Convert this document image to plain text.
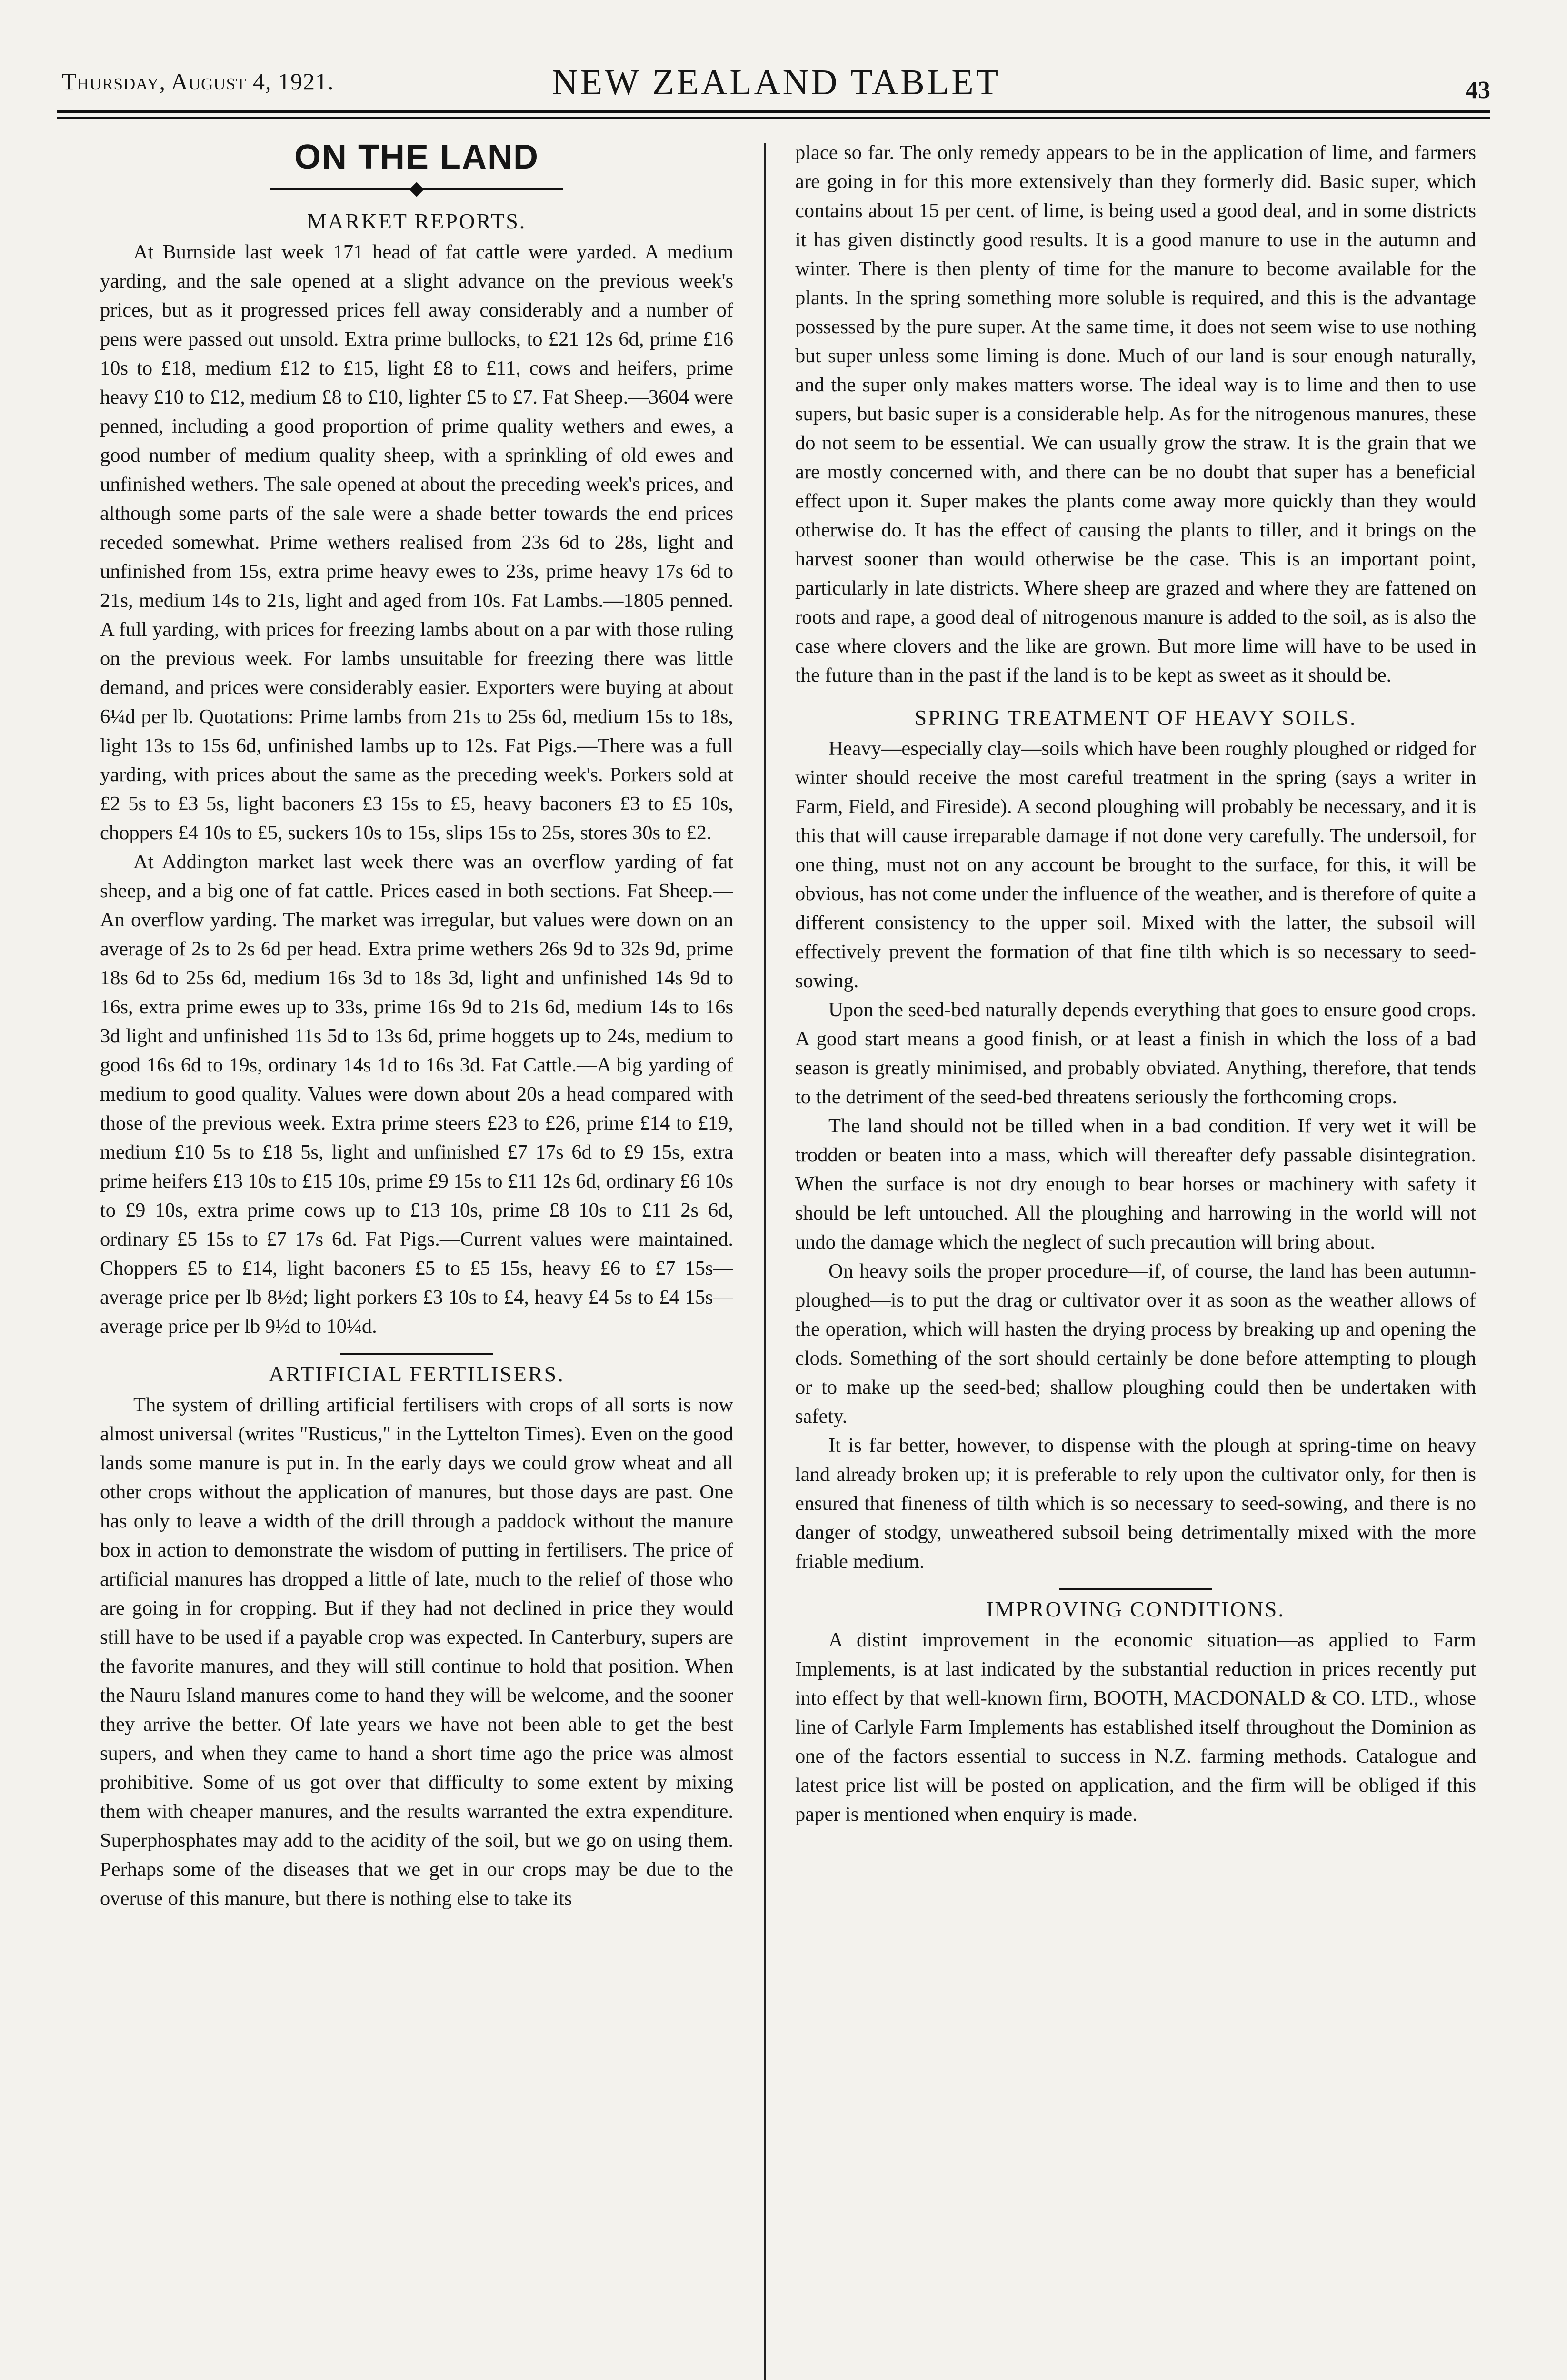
Thursday, August 4, 1921.	NEW ZEALAND TABLET	43
ON THE LAND
MARKET REPORTS.

At Burnside last week 171 head of fat cattle were yarded. A medium yarding, and the sale opened at a slight advance on the previous week's prices, but as it progressed prices fell away considerably and a number of pens were passed out unsold. Extra prime bullocks, to £21 12s 6d, prime £16 10s to £18, medium £12 to £15, light £8 to £11, cows and heifers, prime heavy £10 to £12, medium £8 to £10, lighter £5 to £7. Fat Sheep.—3604 were penned, including a good proportion of prime quality wethers and ewes, a good number of medium quality sheep, with a sprinkling of old ewes and unfinished wethers. The sale opened at about the preceding week's prices, and although some parts of the sale were a shade better towards the end prices receded somewhat. Prime wethers realised from 23s 6d to 28s, light and unfinished from 15s, extra prime heavy ewes to 23s, prime heavy 17s 6d to 21s, medium 14s to 21s, light and aged from 10s. Fat Lambs.—1805 penned. A full yarding, with prices for freezing lambs about on a par with those ruling on the previous week. For lambs unsuitable for freezing there was little demand, and prices were considerably easier. Exporters were buying at about 6¼d per lb. Quotations: Prime lambs from 21s to 25s 6d, medium 15s to 18s, light 13s to 15s 6d, unfinished lambs up to 12s. Fat Pigs.—There was a full yarding, with prices about the same as the preceding week's. Porkers sold at £2 5s to £3 5s, light baconers £3 15s to £5, heavy baconers £3 to £5 10s, choppers £4 10s to £5, suckers 10s to 15s, slips 15s to 25s, stores 30s to £2.

At Addington market last week there was an overflow yarding of fat sheep, and a big one of fat cattle. Prices eased in both sections. Fat Sheep.—An overflow yarding. The market was irregular, but values were down on an average of 2s to 2s 6d per head. Extra prime wethers 26s 9d to 32s 9d, prime 18s 6d to 25s 6d, medium 16s 3d to 18s 3d, light and unfinished 14s 9d to 16s, extra prime ewes up to 33s, prime 16s 9d to 21s 6d, medium 14s to 16s 3d light and unfinished 11s 5d to 13s 6d, prime hoggets up to 24s, medium to good 16s 6d to 19s, ordinary 14s 1d to 16s 3d. Fat Cattle.—A big yarding of medium to good quality. Values were down about 20s a head compared with those of the previous week. Extra prime steers £23 to £26, prime £14 to £19, medium £10 5s to £18 5s, light and unfinished £7 17s 6d to £9 15s, extra prime heifers £13 10s to £15 10s, prime £9 15s to £11 12s 6d, ordinary £6 10s to £9 10s, extra prime cows up to £13 10s, prime £8 10s to £11 2s 6d, ordinary £5 15s to £7 17s 6d. Fat Pigs.—Current values were maintained. Choppers £5 to £14, light baconers £5 to £5 15s, heavy £6 to £7 15s—average price per lb 8½d; light porkers £3 10s to £4, heavy £4 5s to £4 15s—average price per lb 9½d to 10¼d.

ARTIFICIAL FERTILISERS.

The system of drilling artificial fertilisers with crops of all sorts is now almost universal (writes "Rusticus," in the Lyttelton Times). Even on the good lands some manure is put in. In the early days we could grow wheat and all other crops without the application of manures, but those days are past. One has only to leave a width of the drill through a paddock without the manure box in action to demonstrate the wisdom of putting in fertilisers. The price of artificial manures has dropped a little of late, much to the relief of those who are going in for cropping. But if they had not declined in price they would still have to be used if a payable crop was expected. In Canterbury, supers are the favorite manures, and they will still continue to hold that position. When the Nauru Island manures come to hand they will be welcome, and the sooner they arrive the better. Of late years we have not been able to get the best supers, and when they came to hand a short time ago the price was almost prohibitive. Some of us got over that difficulty to some extent by mixing them with cheaper manures, and the results warranted the extra expenditure. Superphosphates may add to the acidity of the soil, but we go on using them. Perhaps some of the diseases that we get in our crops may be due to the overuse of this manure, but there is nothing else to take its

place so far. The only remedy appears to be in the application of lime, and farmers are going in for this more extensively than they formerly did. Basic super, which contains about 15 per cent. of lime, is being used a good deal, and in some districts it has given distinctly good results. It is a good manure to use in the autumn and winter. There is then plenty of time for the manure to become available for the plants. In the spring something more soluble is required, and this is the advantage possessed by the pure super. At the same time, it does not seem wise to use nothing but super unless some liming is done. Much of our land is sour enough naturally, and the super only makes matters worse. The ideal way is to lime and then to use supers, but basic super is a considerable help. As for the nitrogenous manures, these do not seem to be essential. We can usually grow the straw. It is the grain that we are mostly concerned with, and there can be no doubt that super has a beneficial effect upon it. Super makes the plants come away more quickly than they would otherwise do. It has the effect of causing the plants to tiller, and it brings on the harvest sooner than would otherwise be the case. This is an important point, particularly in late districts. Where sheep are grazed and where they are fattened on roots and rape, a good deal of nitrogenous manure is added to the soil, as is also the case where clovers and the like are grown. But more lime will have to be used in the future than in the past if the land is to be kept as sweet as it should be.

SPRING TREATMENT OF HEAVY SOILS.

Heavy—especially clay—soils which have been roughly ploughed or ridged for winter should receive the most careful treatment in the spring (says a writer in Farm, Field, and Fireside). A second ploughing will probably be necessary, and it is this that will cause irreparable damage if not done very carefully. The undersoil, for one thing, must not on any account be brought to the surface, for this, it will be obvious, has not come under the influence of the weather, and is therefore of quite a different consistency to the upper soil. Mixed with the latter, the subsoil will effectively prevent the formation of that fine tilth which is so necessary to seed-sowing.

Upon the seed-bed naturally depends everything that goes to ensure good crops. A good start means a good finish, or at least a finish in which the loss of a bad season is greatly minimised, and probably obviated. Anything, therefore, that tends to the detriment of the seed-bed threatens seriously the forthcoming crops.

The land should not be tilled when in a bad condition. If very wet it will be trodden or beaten into a mass, which will thereafter defy passable disintegration. When the surface is not dry enough to bear horses or machinery with safety it should be left untouched. All the ploughing and harrowing in the world will not undo the damage which the neglect of such precaution will bring about.

On heavy soils the proper procedure—if, of course, the land has been autumn-ploughed—is to put the drag or cultivator over it as soon as the weather allows of the operation, which will hasten the drying process by breaking up and opening the clods. Something of the sort should certainly be done before attempting to plough or to make up the seed-bed; shallow ploughing could then be undertaken with safety.

It is far better, however, to dispense with the plough at spring-time on heavy land already broken up; it is preferable to rely upon the cultivator only, for then is ensured that fineness of tilth which is so necessary to seed-sowing, and there is no danger of stodgy, unweathered subsoil being detrimentally mixed with the more friable medium.

IMPROVING CONDITIONS.

A distint improvement in the economic situation—as applied to Farm Implements, is at last indicated by the substantial reduction in prices recently put into effect by that well-known firm, BOOTH, MACDONALD & CO. LTD., whose line of Carlyle Farm Implements has established itself throughout the Dominion as one of the factors essential to success in N.Z. farming methods. Catalogue and latest price list will be posted on application, and the firm will be obliged if this paper is mentioned when enquiry is made.
